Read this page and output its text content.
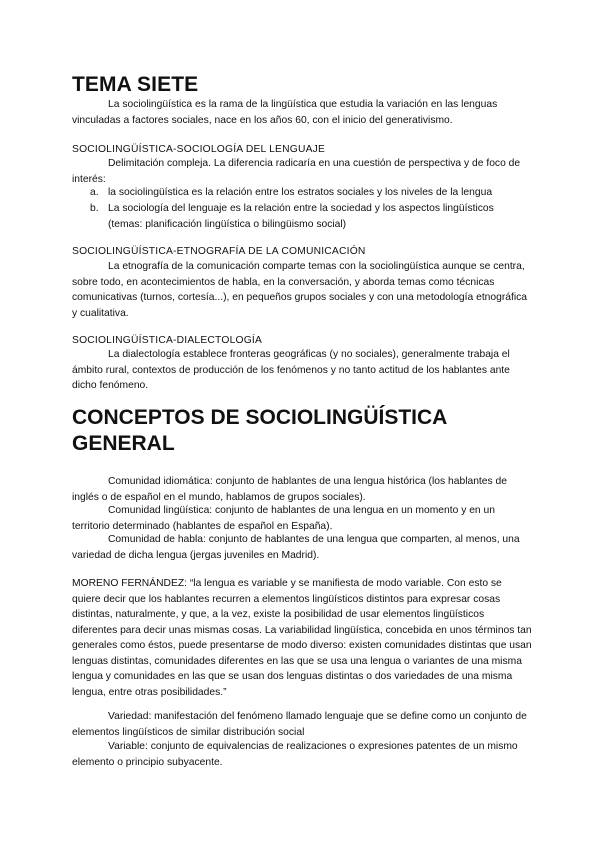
TEMA SIETE

La sociolingüística es la rama de la lingüística que estudia la variación en las lenguas vinculadas a factores sociales, nace en los años 60, con el inicio del generativismo.

SOCIOLINGÜÍSTICA-SOCIOLOGÍA DEL LENGUAJE

Delimitación compleja. La diferencia radicaría en una cuestión de perspectiva y de foco de interés:

a. la sociolingüística es la relación entre los estratos sociales y los niveles de la lengua
b. La sociología del lenguaje es la relación entre la sociedad y los aspectos lingüísticos (temas: planificación lingüística o bilingüismo social)

SOCIOLINGÜÍSTICA-ETNOGRAFÍA DE LA COMUNICACIÓN

La etnografía de la comunicación comparte temas con la sociolingüística aunque se centra, sobre todo, en acontecimientos de habla, en la conversación, y aborda temas como técnicas comunicativas (turnos, cortesía...), en pequeños grupos sociales y con una metodología etnográfica y cualitativa.

SOCIOLINGÜÍSTICA-DIALECTOLOGÍA

La dialectología establece fronteras geográficas (y no sociales), generalmente trabaja el ámbito rural, contextos de producción de los fenómenos y no tanto actitud de los hablantes ante dicho fenómeno.

CONCEPTOS DE SOCIOLINGÜÍSTICA GENERAL

Comunidad idiomática: conjunto de hablantes de una lengua histórica (los hablantes de inglés o de español en el mundo, hablamos de grupos sociales).

Comunidad lingüística: conjunto de hablantes de una lengua en un momento y en un territorio determinado (hablantes de español en España).

Comunidad de habla: conjunto de hablantes de una lengua que comparten, al menos, una variedad de dicha lengua (jergas juveniles en Madrid).

MORENO FERNÁNDEZ: “la lengua es variable y se manifiesta de modo variable. Con esto se quiere decir que los hablantes recurren a elementos lingüísticos distintos para expresar cosas distintas, naturalmente, y que, a la vez, existe la posibilidad de usar elementos lingüísticos diferentes para decir unas mismas cosas. La variabilidad lingüística, concebida en unos términos tan generales como éstos, puede presentarse de modo diverso: existen comunidades distintas que usan lenguas distintas, comunidades diferentes en las que se usa una lengua o variantes de una misma lengua y comunidades en las que se usan dos lenguas distintas o dos variedades de una misma lengua, entre otras posibilidades.”

Variedad: manifestación del fenómeno llamado lenguaje que se define como un conjunto de elementos lingüísticos de similar distribución social

Variable: conjunto de equivalencias de realizaciones o expresiones patentes de un mismo elemento o principio subyacente.
